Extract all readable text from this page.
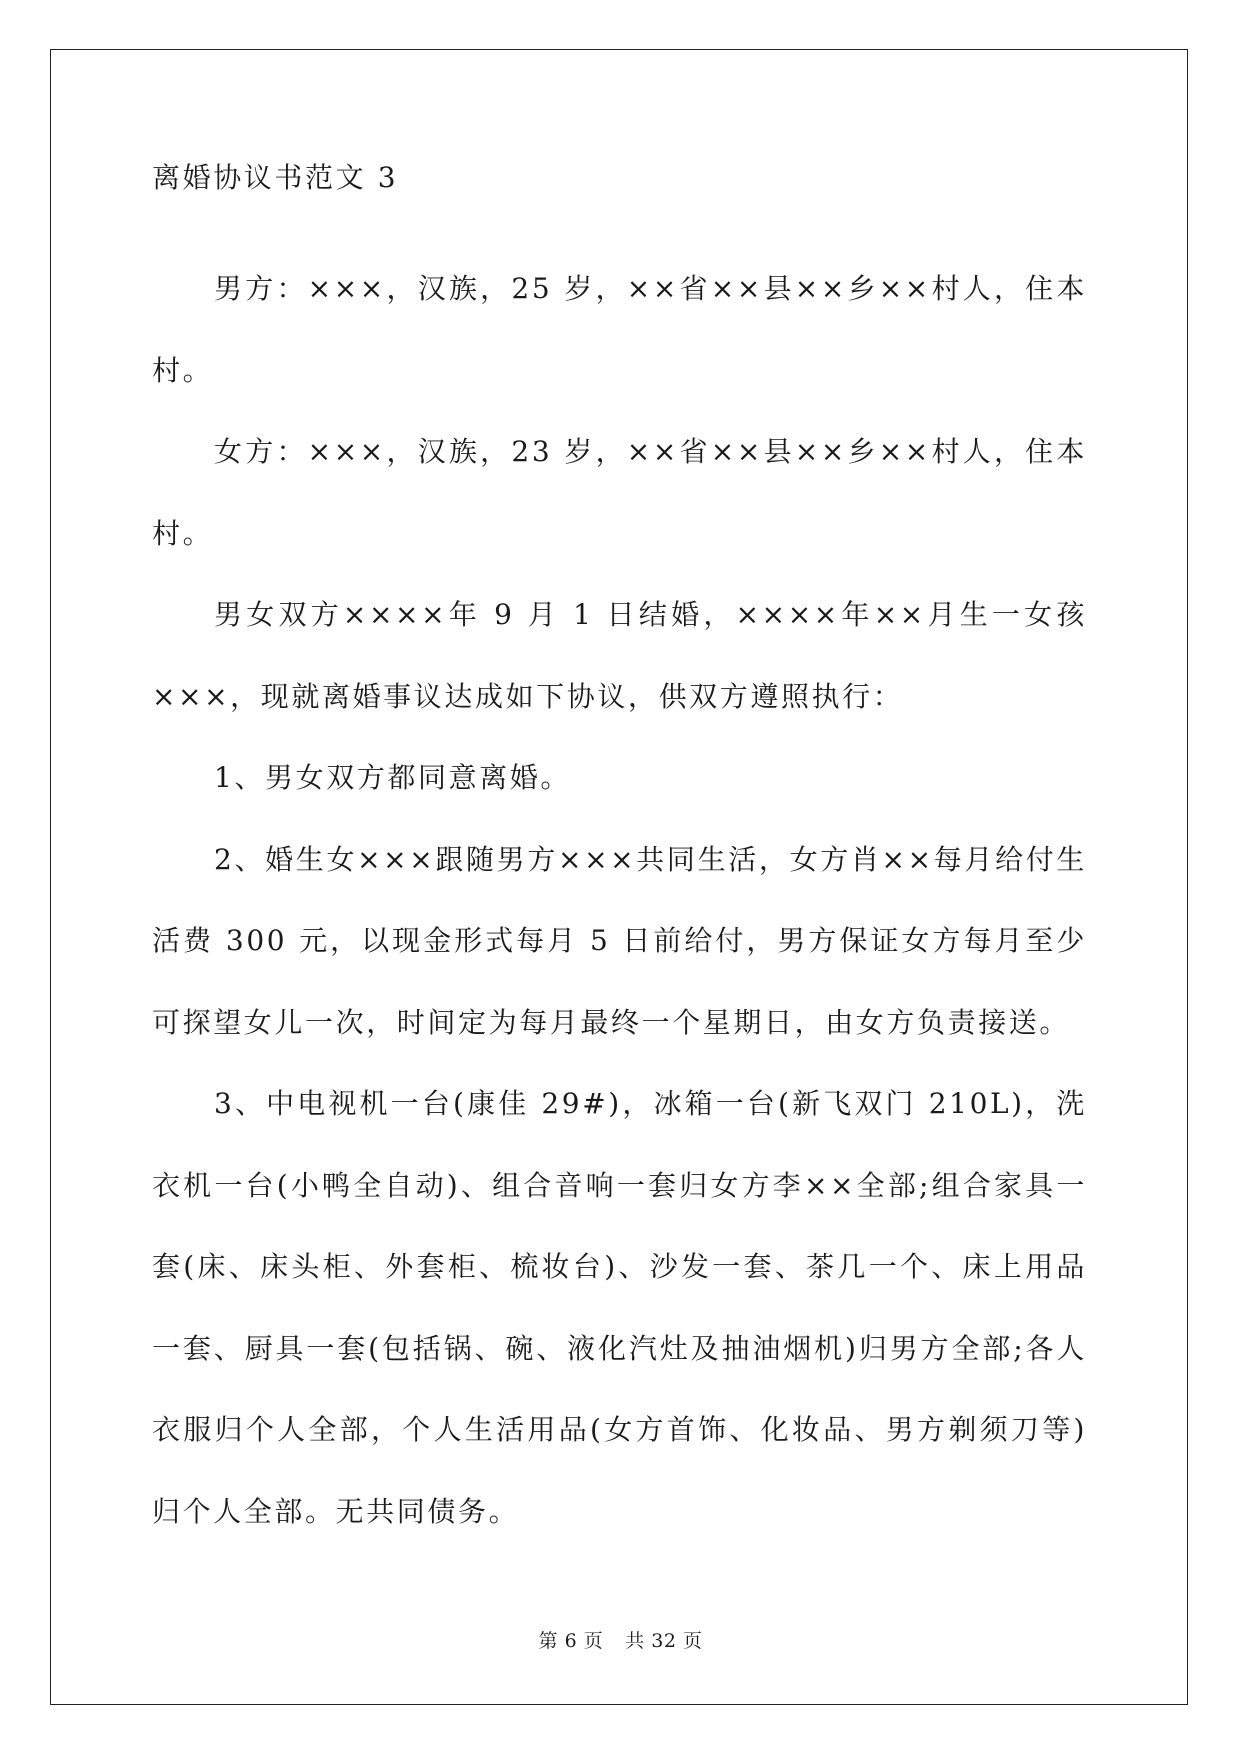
离婚协议书范文 3

男方：×××，汉族，25 岁，××省××县××乡××村人，住本村。

女方：×××，汉族，23 岁，××省××县××乡××村人，住本村。

男女双方××××年 9 月 1 日结婚，××××年××月生一女孩×××，现就离婚事议达成如下协议，供双方遵照执行：

1、男女双方都同意离婚。

2、婚生女×××跟随男方×××共同生活，女方肖××每月给付生活费 300 元，以现金形式每月 5 日前给付，男方保证女方每月至少可探望女儿一次，时间定为每月最终一个星期日，由女方负责接送。

3、中电视机一台(康佳 29#)，冰箱一台(新飞双门 210L)，洗衣机一台(小鸭全自动)、组合音响一套归女方李××全部;组合家具一套(床、床头柜、外套柜、梳妆台)、沙发一套、茶几一个、床上用品一套、厨具一套(包括锅、碗、液化汽灶及抽油烟机)归男方全部;各人衣服归个人全部，个人生活用品(女方首饰、化妆品、男方剃须刀等)归个人全部。无共同债务。

第 6 页 共 32 页
